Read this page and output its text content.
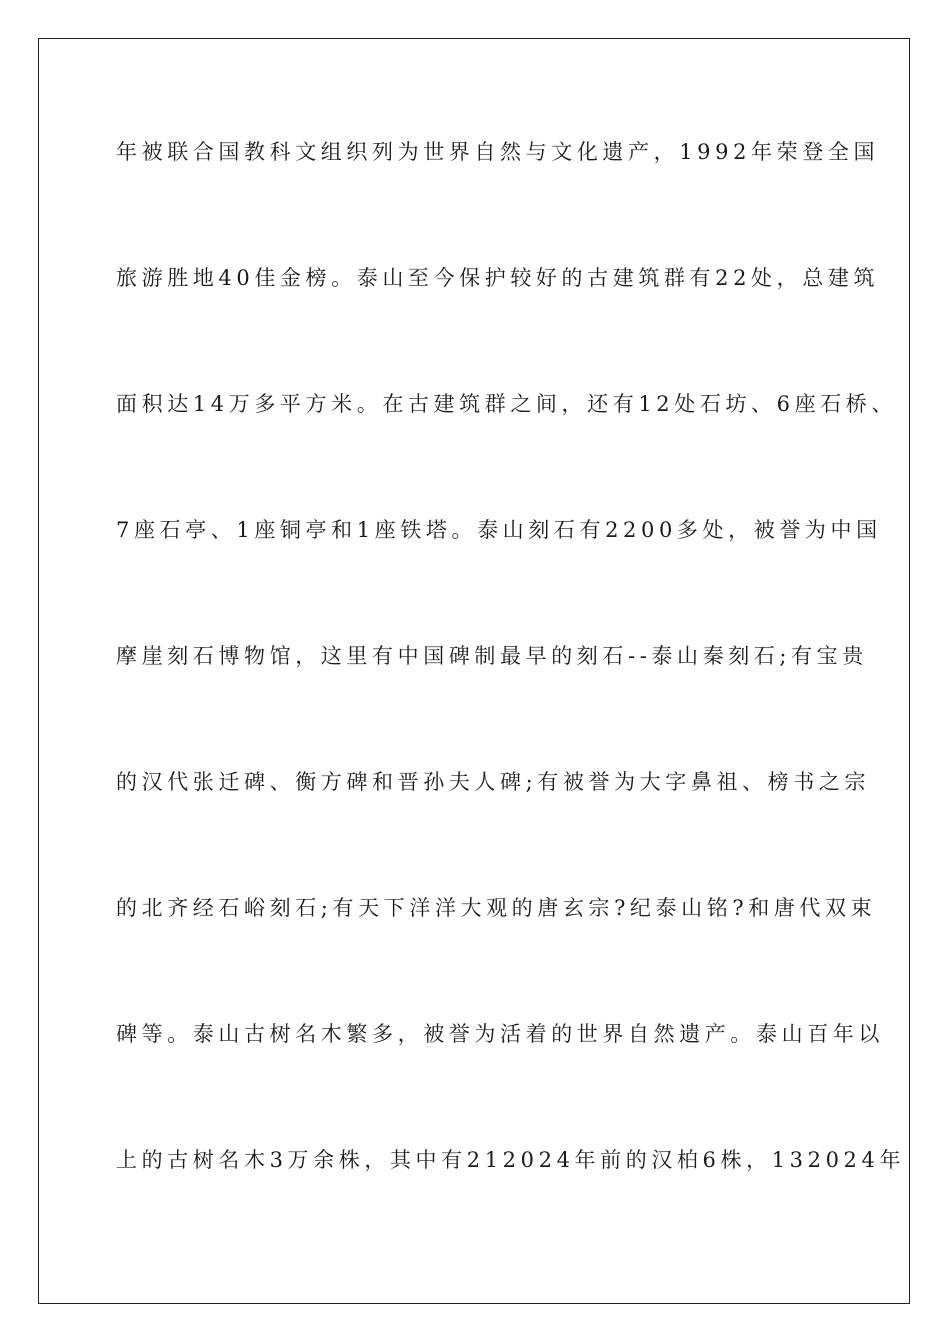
年被联合国教科文组织列为世界自然与文化遗产，1992年荣登全国
旅游胜地40佳金榜。泰山至今保护较好的古建筑群有22处，总建筑
面积达14万多平方米。在古建筑群之间，还有12处石坊、6座石桥、
7座石亭、1座铜亭和1座铁塔。泰山刻石有2200多处，被誉为中国
摩崖刻石博物馆，这里有中国碑制最早的刻石--泰山秦刻石;有宝贵
的汉代张迁碑、衡方碑和晋孙夫人碑;有被誉为大字鼻祖、榜书之宗
的北齐经石峪刻石;有天下洋洋大观的唐玄宗?纪泰山铭?和唐代双束
碑等。泰山古树名木繁多，被誉为活着的世界自然遗产。泰山百年以
上的古树名木3万余株，其中有212024年前的汉柏6株，132024年
